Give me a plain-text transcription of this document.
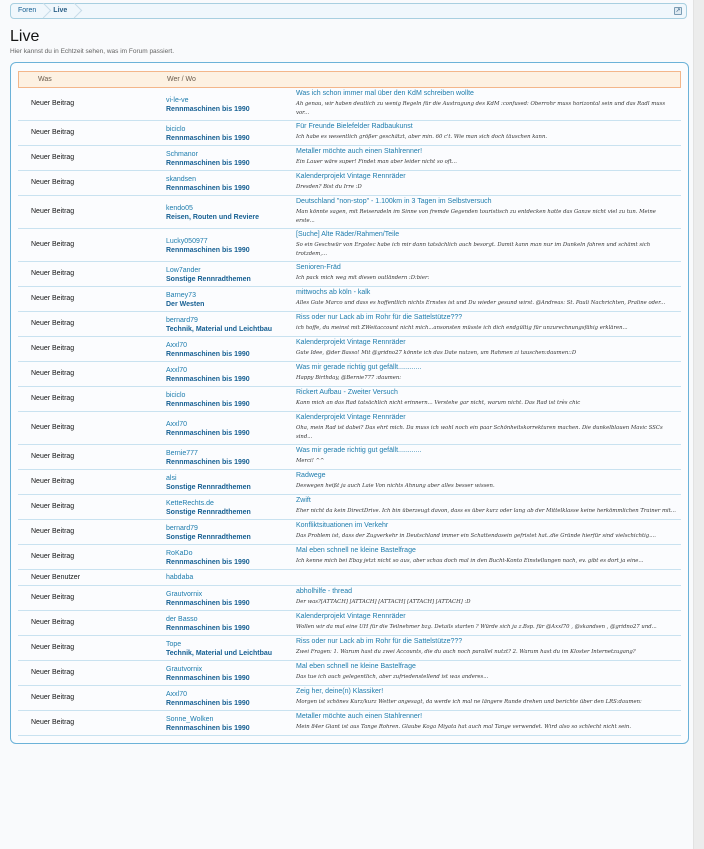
Foren	Live	↗
Live
Hier kannst du in Echtzeit sehen, was im Forum passiert.
Was	Wer / Wo
Neuer Beitrag	vi-le-ve
Rennmaschinen bis 1990
Was ich schon immer mal über den KdM schreiben wollte
Ah genau, wir haben deutlich zu wenig Regeln für die Austragung des KdM :confused: Oberrohr muss horizontal sein und das Radl muss vor...
Neuer Beitrag	biciclo
Rennmaschinen bis 1990
Für Freunde Bielefelder Radbaukunst
Ich habe es wesentlich größer geschätzt, aber min. 60 c't. Wie man sich doch täuschen kann.
Neuer Beitrag	Schmanor
Rennmaschinen bis 1990
Metaller möchte auch einen Stahlrenner!
Ein Lauer wäre super! Findet man aber leider nicht so oft...
Neuer Beitrag	skandsen
Rennmaschinen bis 1990
Kalenderprojekt Vintage Rennräder
Dresden? Bist du Irre :D
Neuer Beitrag	kendo05
Reisen, Routen und Reviere
Deutschland "non-stop" - 1.100km in 3 Tagen im Selbstversuch
Man könnte sagen, mit Reiseradeln im Sinne von fremde Gegenden touristisch zu entdecken hatte das Ganze nicht viel zu tun. Meine erste...
Neuer Beitrag	Lucky050977
Rennmaschinen bis 1990
[Suche] Alte Räder/Rahmen/Teile
So ein Geschwür von Ergotec habe ich mir dann tatsächlich auch besorgt. Damit kann man nur im Dunkeln fahren und schämt sich trotzdem,...
Neuer Beitrag	Low7ander
Sonstige Rennradthemen
Senioren-Fräd
Ich pack mich weg mit diesen outländern :D:bier:
Neuer Beitrag	Barney73
Der Westen
mittwochs ab köln - kalk
Alles Gute Marco und dass es hoffentlich nichts Ernstes ist und Du wieder gesund wirst. @Andreas: St. Pauli Nachrichten, Praline oder...
Neuer Beitrag	bernard79
Technik, Material und Leichtbau
Riss oder nur Lack ab im Rohr für die Sattelstütze???
ich hoffe, du meinst mit ZWeitaccount nicht mich...ansonsten müsste ich dich endgültig für unzurechnungsfähig erklären...
Neuer Beitrag	Axxl70
Rennmaschinen bis 1990
Kalenderprojekt Vintage Rennräder
Gute Idee, @der Basso! Mit @gridno27 könnte ich das Date nutzen, um Rahmen zi tauschen:daumen::D
Neuer Beitrag	Axxl70
Rennmaschinen bis 1990
Was mir gerade richtig gut gefällt............
Happy Birthday, @Bernie777 :daumen:
Neuer Beitrag	biciclo
Rennmaschinen bis 1990
Rickert Aufbau - Zweiter Versuch
Kann mich an das Rad tatsächlich nicht erinnern... Verstehe gar nicht, warum nicht. Das Rad ist très chic
Neuer Beitrag	Axxl70
Rennmaschinen bis 1990
Kalenderprojekt Vintage Rennräder
Oha, mein Rad ist dabei? Das ehrt mich. Da muss ich wohl noch ein paar Schönheitskorrekturen machen. Die dunkelblauen Mavic SSCs sind...
Neuer Beitrag	Bernie777
Rennmaschinen bis 1990
Was mir gerade richtig gut gefällt............
Merci! ^^
Neuer Beitrag	alsi
Sonstige Rennradthemen
Radwege
Deswegen heißt ja auch Laie Von nichts Ahnung aber alles besser wissen.
Neuer Beitrag	KetteRechts.de
Sonstige Rennradthemen
Zwift
Eher nicht da kein DirectDrive. Ich bin überzeugt davon, dass es über kurz oder lang ab der Mittelklasse keine herkömmlichen Trainer mit...
Neuer Beitrag	bernard79
Sonstige Rennradthemen
Konfliktsituationen im Verkehr
Das Problem ist, dass der Zugverkehr in Deutschland immer ein Schattendasein gefristet hat..die Gründe hierfür sind vielschichtig....
Neuer Beitrag	RoKaDo
Rennmaschinen bis 1990
Mal eben schnell ne kleine Bastelfrage
Ich kenne mich bei Ebay jetzt nicht so aus, aber schau doch mal in den Bucht-Konto Einstellungen nach, ev. gibt es dort ja eine...
Neuer Benutzer	habdaba
Neuer Beitrag	Grautvornix
Rennmaschinen bis 1990
abholhilfe - thread
Der was?[ATTACH] [ATTACH] [ATTACH] [ATTACH] [ATTACH] :D
Neuer Beitrag	der Basso
Rennmaschinen bis 1990
Kalenderprojekt Vintage Rennräder
Wollen wir da mal eine UH für die Teilnehmer bzg. Details starten ? Würde sich ja z.Bsp. für @Axxl70 , @skandsen , @gridno27 und...
Neuer Beitrag	Tope
Technik, Material und Leichtbau
Riss oder nur Lack ab im Rohr für die Sattelstütze???
Zwei Fragen: 1. Warum hast du zwei Accounts, die du auch noch parallel nutzt? 2. Warum hast du im Kloster Internetzugang?
Neuer Beitrag	Grautvornix
Rennmaschinen bis 1990
Mal eben schnell ne kleine Bastelfrage
Das tue ich auch gelegentlich, aber zufriedenstellend ist was anderes...
Neuer Beitrag	Axxl70
Rennmaschinen bis 1990
Zeig her, deine(n) Klassiker!
Morgen ist schönes Kurz/kurz Wetter angesagt, da werde ich mal ne längere Runde drehen und berichte über den LRS:daumen:
Neuer Beitrag	Sonne_Wolken
Rennmaschinen bis 1990
Metaller möchte auch einen Stahlrenner!
Mein 84er Giant ist aus Tange Rohren. Glaube Koga Miyata hat auch mal Tange verwendet. Wird also so schlecht nicht sein.
